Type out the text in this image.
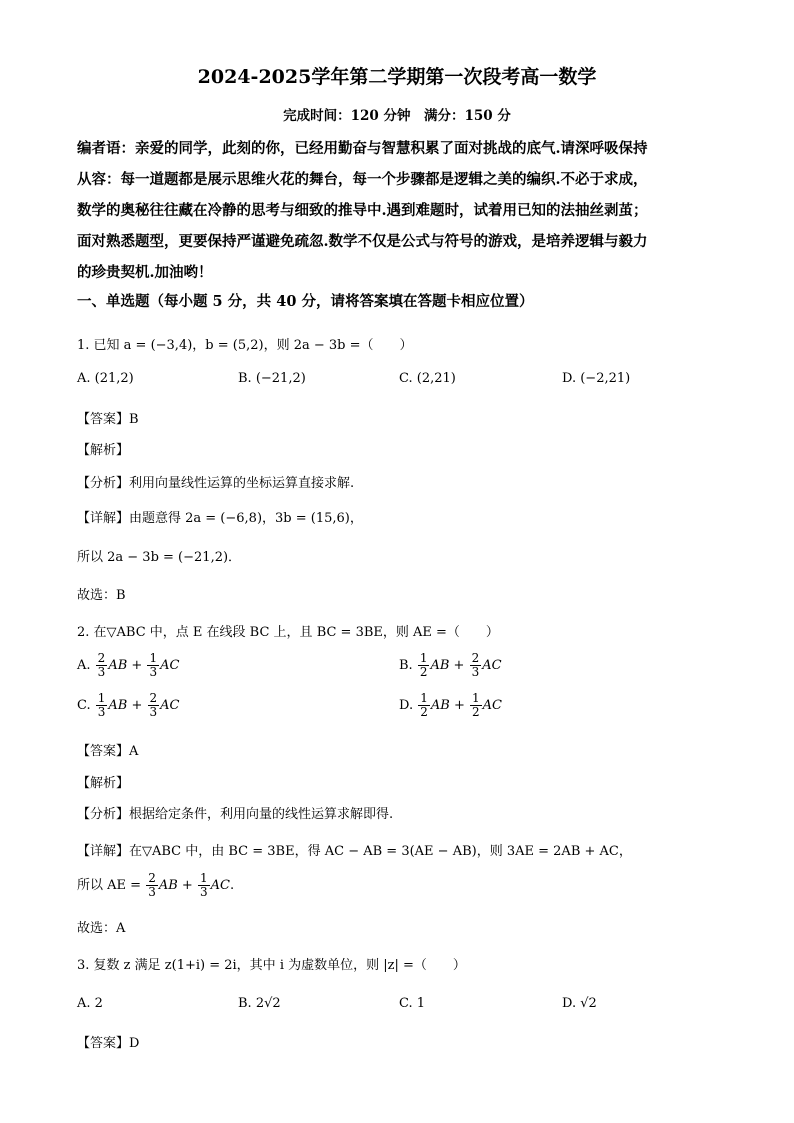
2024-2025学年第二学期第一次段考高一数学
完成时间：120 分钟　满分：150 分

编者语：亲爱的同学，此刻的你，已经用勤奋与智慧积累了面对挑战的底气.请深呼吸保持

从容：每一道题都是展示思维火花的舞台，每一个步骤都是逻辑之美的编织.不必于求成，

数学的奥秘往往藏在冷静的思考与细致的推导中.遇到难题时，试着用已知的法抽丝剥茧；

面对熟悉题型，更要保持严谨避免疏忽.数学不仅是公式与符号的游戏，是培养逻辑与毅力

的珍贵契机.加油哟！

一、单选题（每小题 5 分，共 40 分，请将答案填在答题卡相应位置）
1. 已知 a = (−3,4)，b = (5,2)，则 2a − 3b =（　　）
A. (21,2)	B. (−21,2)	C. (2,21)	D. (−2,21)
【答案】B
【解析】
【分析】利用向量线性运算的坐标运算直接求解.
【详解】由题意得 2a = (−6,8)，3b = (15,6)，
所以 2a − 3b = (−21,2)．
故选：B
2. 在▽ABC 中，点 E 在线段 BC 上，且 BC = 3BE，则 AE =（　　）
A. $\frac{2}{3}$ AB + $\frac{1}{3}$ AC	B. $\frac{1}{2}$ AB + $\frac{2}{3}$ AC
C. $\frac{1}{3}$ AB + $\frac{2}{3}$ AC	D. $\frac{1}{2}$ AB + $\frac{1}{2}$ AC
【答案】A
【解析】
【分析】根据给定条件，利用向量的线性运算求解即得.
【详解】在▽ABC 中，由 BC = 3BE，得 AC − AB = 3(AE − AB)，则 3AE = 2AB + AC，
所以 AE = $\frac{2}{3}$ AB + $\frac{1}{3}$ AC.
故选：A
3. 复数 z 满足 z(1+i) = 2i，其中 i 为虚数单位，则 |z| =（　　）
A. 2	B. 2√2	C. 1	D. √2
【答案】D
